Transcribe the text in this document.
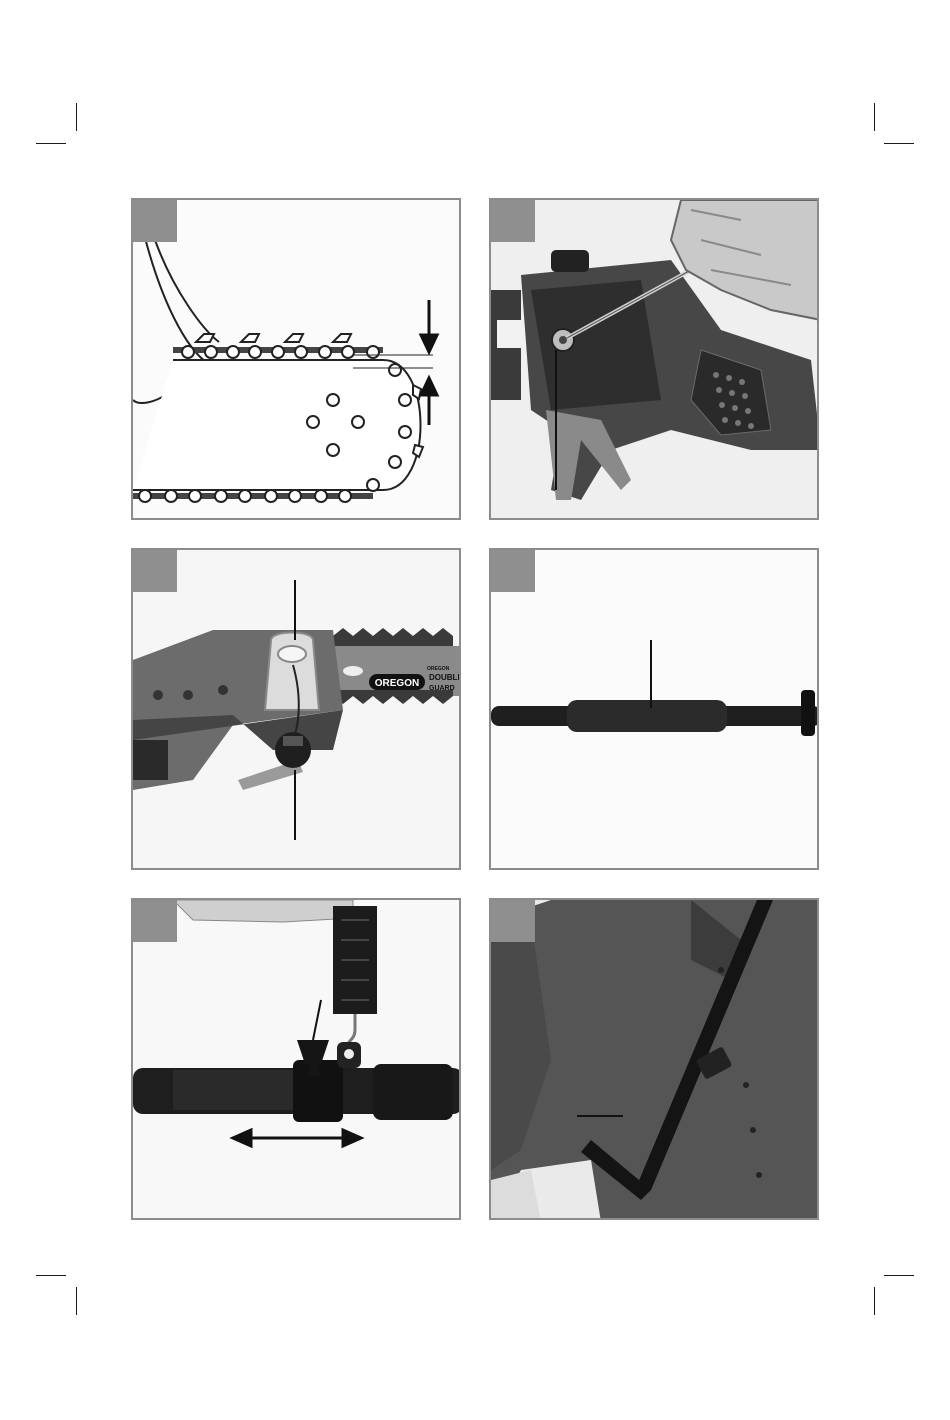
OREGON
DOUBLE
GUARD
OREGON
